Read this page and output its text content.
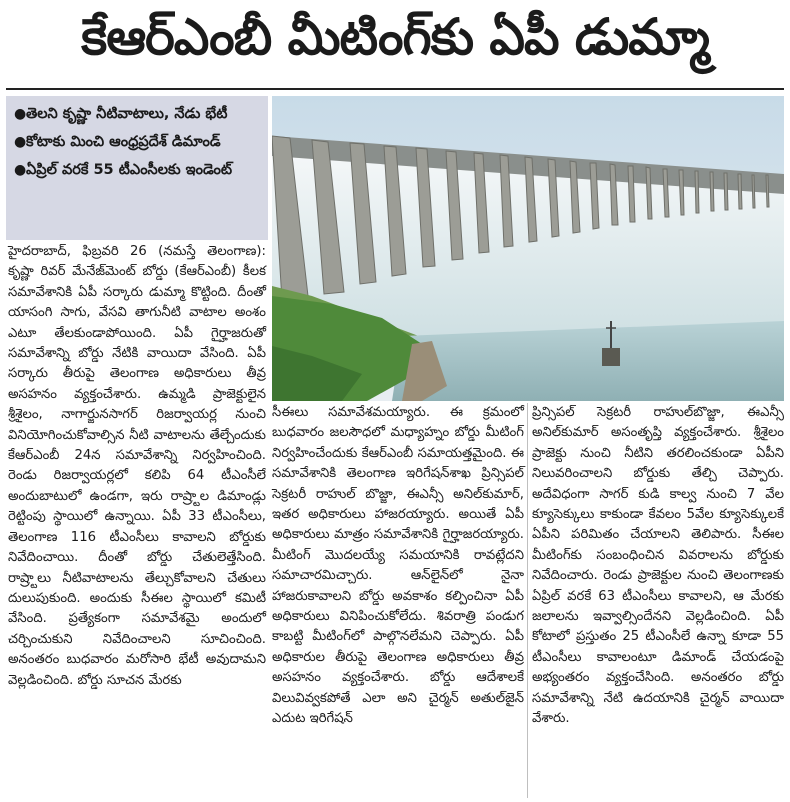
కేఆర్‌ఎంబీ మీటింగ్‌కు ఏపీ డుమ్మా
● తెలని కృష్ణా నీటివాటాలు, నేడు భేటీ
● కోటాకు మించి ఆంధ్రప్రదేశ్ డిమాండ్
● ఏప్రిల్ వరకే 55 టీఎంసీలకు ఇండెంట్

హైదరాబాద్, ఫిబ్రవరి 26 (నమస్తే తెలంగాణ): కృష్ణా రివర్ మేనేజ్‌మెంట్ బోర్డు (కేఆర్‌ఎంబీ) కీలక సమావేశానికి ఏపీ సర్కారు డుమ్మా కొట్టింది. దీంతో యాసంగి సాగు, వేసవి తాగునీటి వాటాల అంశం ఎటూ తేలకుండాపోయింది. ఏపీ గైర్హాజరుతో సమావేశాన్ని బోర్డు నేటికి వాయిదా వేసింది. ఏపీ సర్కారు తీరుపై తెలంగాణ అధికారులు తీవ్ర అసహనం వ్యక్తంచేశారు. ఉమ్మడి ప్రాజెక్టులైన శ్రీశైలం, నాగార్జునసాగర్ రిజర్వాయర్ల నుంచి వినియోగించుకోవాల్సిన నీటి వాటాలను తేల్చేందుకు కేఆర్‌ఎంబీ 24న సమావేశాన్ని నిర్వహించింది. రెండు రిజర్వాయర్లలో కలిపి 64 టీఎంసీలే అందుబాటులో ఉండగా, ఇరు రాష్ర్టాల డిమాండ్లు రెట్టింపు స్థాయిలో ఉన్నాయి. ఏపీ 33 టీఎంసీలు, తెలంగాణ 116 టీఎంసీలు కావాలని బోర్డుకు నివేదించాయి. దీంతో బోర్డు చేతులెత్తేసింది. రాష్ర్టాలు నీటివాటాలను తేల్చుకోవాలని చేతులు దులుపుకుంది. అందుకు సీఈల స్థాయిలో కమిటీ వేసింది. ప్రత్యేకంగా సమావేశమై అందులో చర్చించుకుని నివేదించాలని సూచించింది. అనంతరం బుధవారం మరోసారి భేటీ అవుదామని వెల్లడించింది. బోర్డు సూచన మేరకు

సీఈలు సమావేశమయ్యారు. ఈ క్రమంలో బుధవారం జలసౌధలో మధ్యాహ్నం బోర్డు మీటింగ్ నిర్వహించేందుకు కేఆర్‌ఎంబీ సమాయత్తమైంది. ఈ సమావేశానికి తెలంగాణ ఇరిగేషన్‌శాఖ ప్రిన్సిపల్ సెక్రటరీ రాహుల్ బొజ్జా, ఈఎన్సీ అనిల్‌కుమార్, ఇతర అధికారులు హాజరయ్యారు. అయితే ఏపీ అధికారులు మాత్రం సమావేశానికి గైర్హాజరయ్యారు. మీటింగ్ మొదలయ్యే సమయానికి రావట్లేదని సమాచారమిచ్చారు. ఆన్‌లైన్‌లో నైనా హాజరుకావాలని బోర్డు అవకాశం కల్పించినా ఏపీ అధికారులు వినిపించుకోలేదు. శివరాత్రి పండుగ కాబట్టి మీటింగ్‌లో పాల్గొనలేమని చెప్పారు. ఏపీ అధికారుల తీరుపై తెలంగాణ అధికారులు తీవ్ర అసహనం వ్యక్తంచేశారు. బోర్డు ఆదేశాలకే విలువివ్వకపోతే ఎలా అని చైర్మన్ అతుల్‌జైన్ ఎదుట ఇరిగేషన్

ప్రిన్సిపల్ సెక్రటరీ రాహుల్‌బొజ్జా, ఈఎన్సీ అనిల్‌కుమార్ అసంతృప్తి వ్యక్తంచేశారు. శ్రీశైలం ప్రాజెక్టు నుంచి నీటిని తరలించకుండా ఏపీని నిలువరించాలని బోర్డుకు తేల్చి చెప్పారు. అదేవిధంగా సాగర్ కుడి కాల్వ నుంచి 7 వేల క్యూసెక్కులు కాకుండా కేవలం 5వేల క్యూసెక్కులకే ఏపీని పరిమితం చేయాలని తెలిపారు. సీఈల మీటింగ్‌కు సంబంధించిన వివరాలను బోర్డుకు నివేదించారు. రెండు ప్రాజెక్టుల నుంచి తెలంగాణకు ఏప్రిల్ వరకే 63 టీఎంసీలు కావాలని, ఆ మేరకు జలాలను ఇవ్వాల్సిందేనని వెల్లడించింది. ఏపీ కోటాలో ప్రస్తుతం 25 టీఎంసీలే ఉన్నా కూడా 55 టీఎంసీలు కావాలంటూ డిమాండ్ చేయడంపై అభ్యంతరం వ్యక్తంచేసింది. అనంతరం బోర్డు సమావేశాన్ని నేటి ఉదయానికి చైర్మన్ వాయిదా వేశారు.
